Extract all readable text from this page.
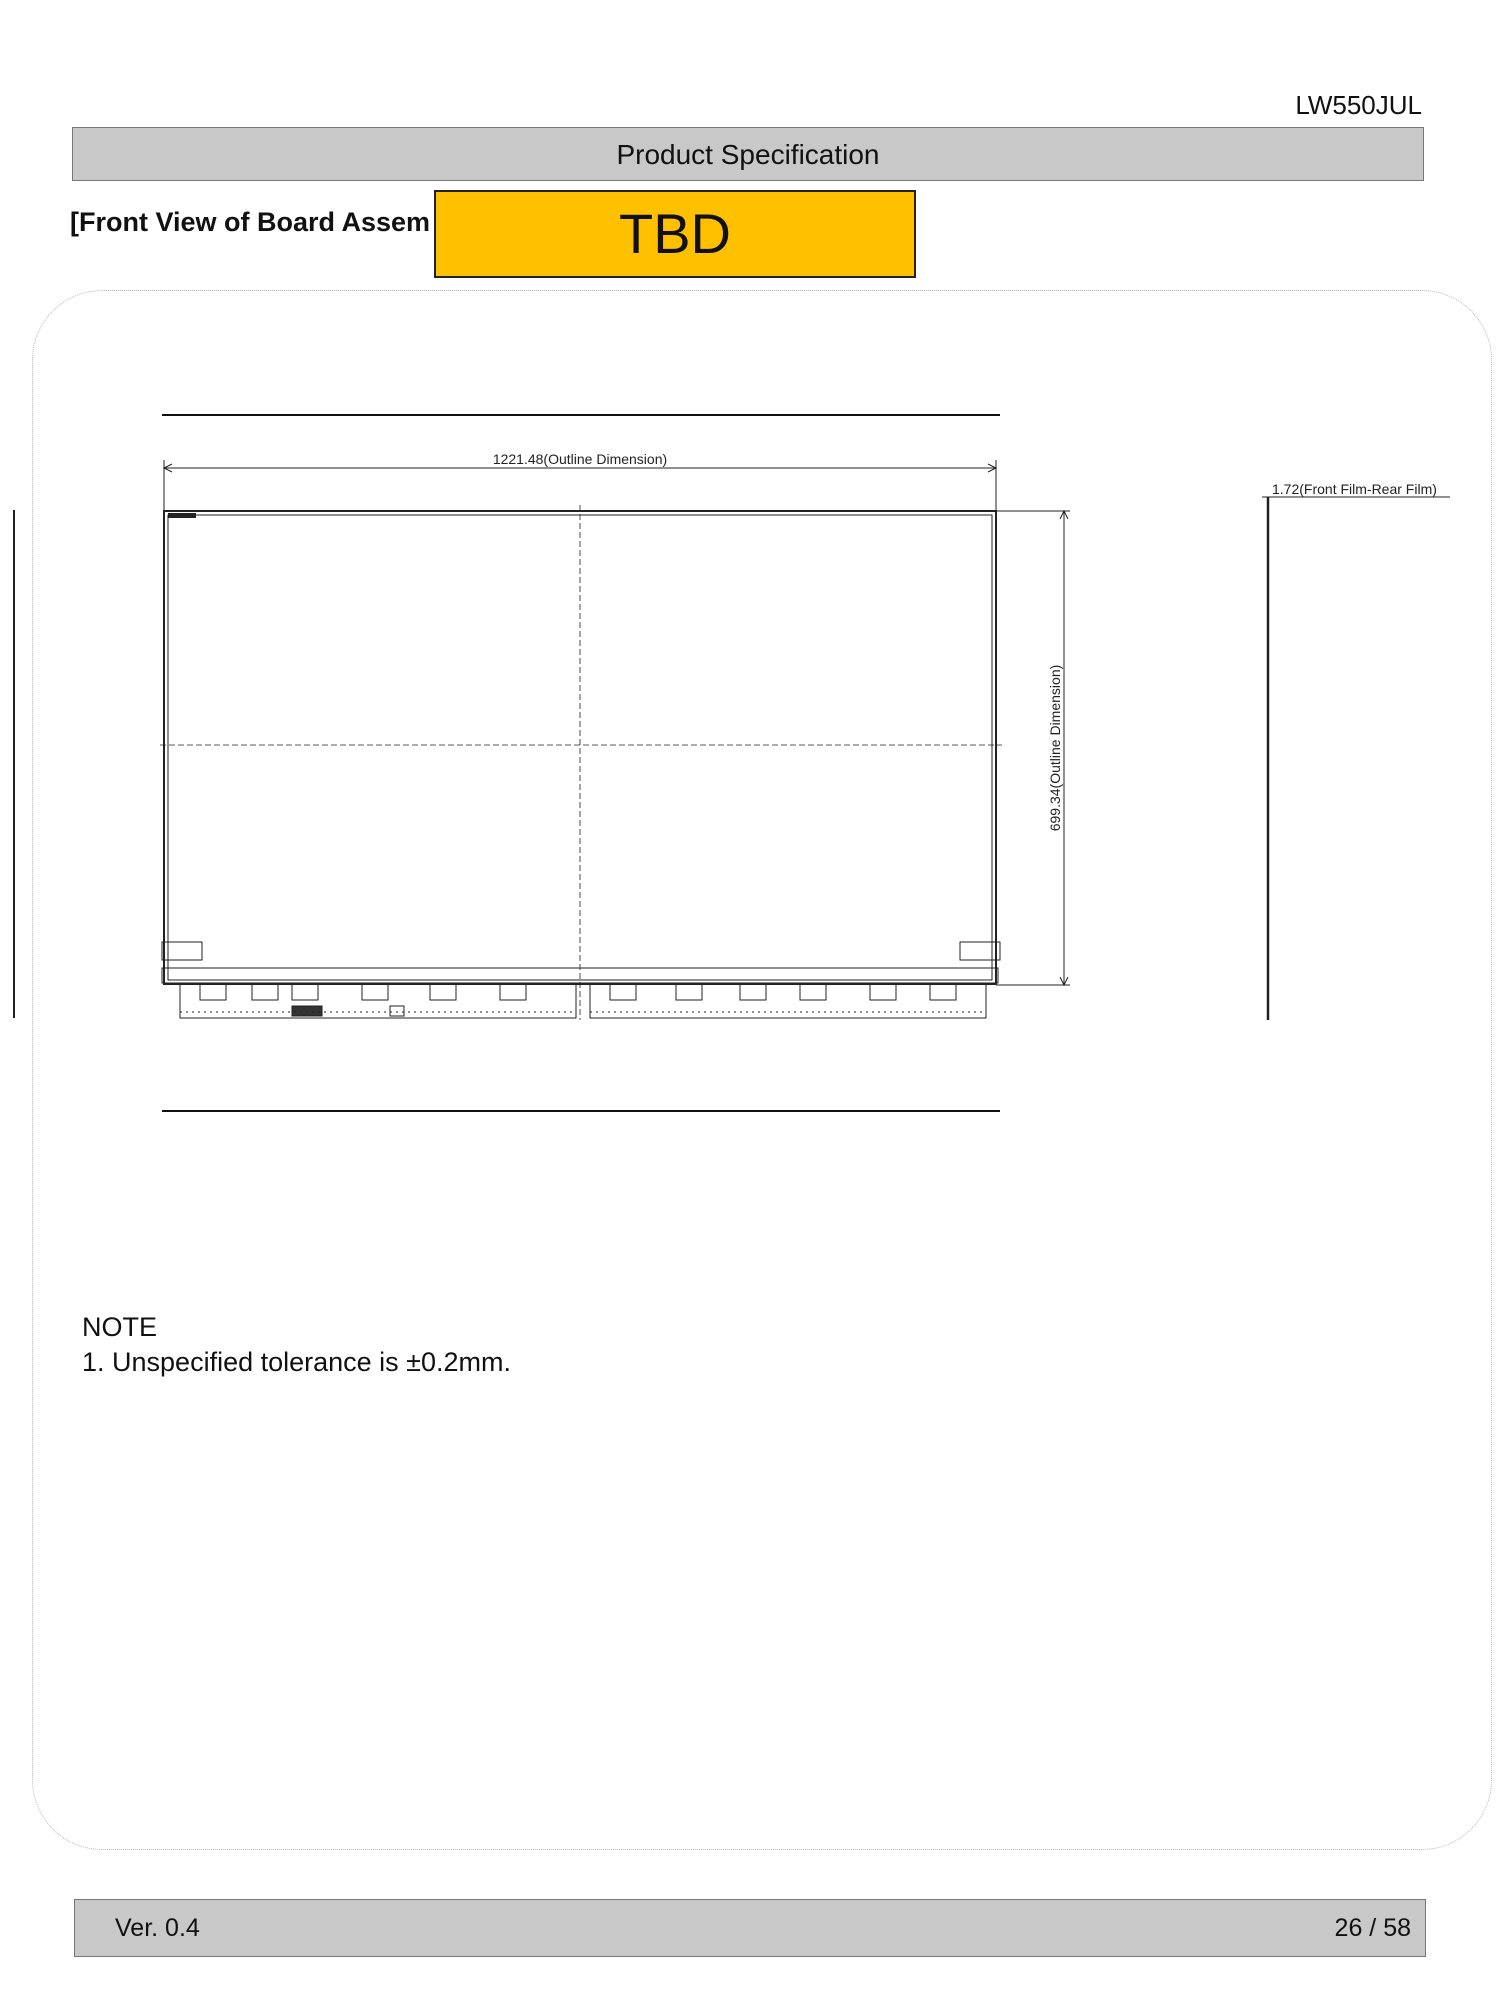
LW550JUL
Product Specification
[Front View of Board Assem
1221.48(Outline Dimension)
699.34(Outline Dimension)
1.72(Front Film-Rear Film)
TBD
NOTE
1. Unspecified tolerance is ±0.2mm.
Ver. 0.4	26 / 58
